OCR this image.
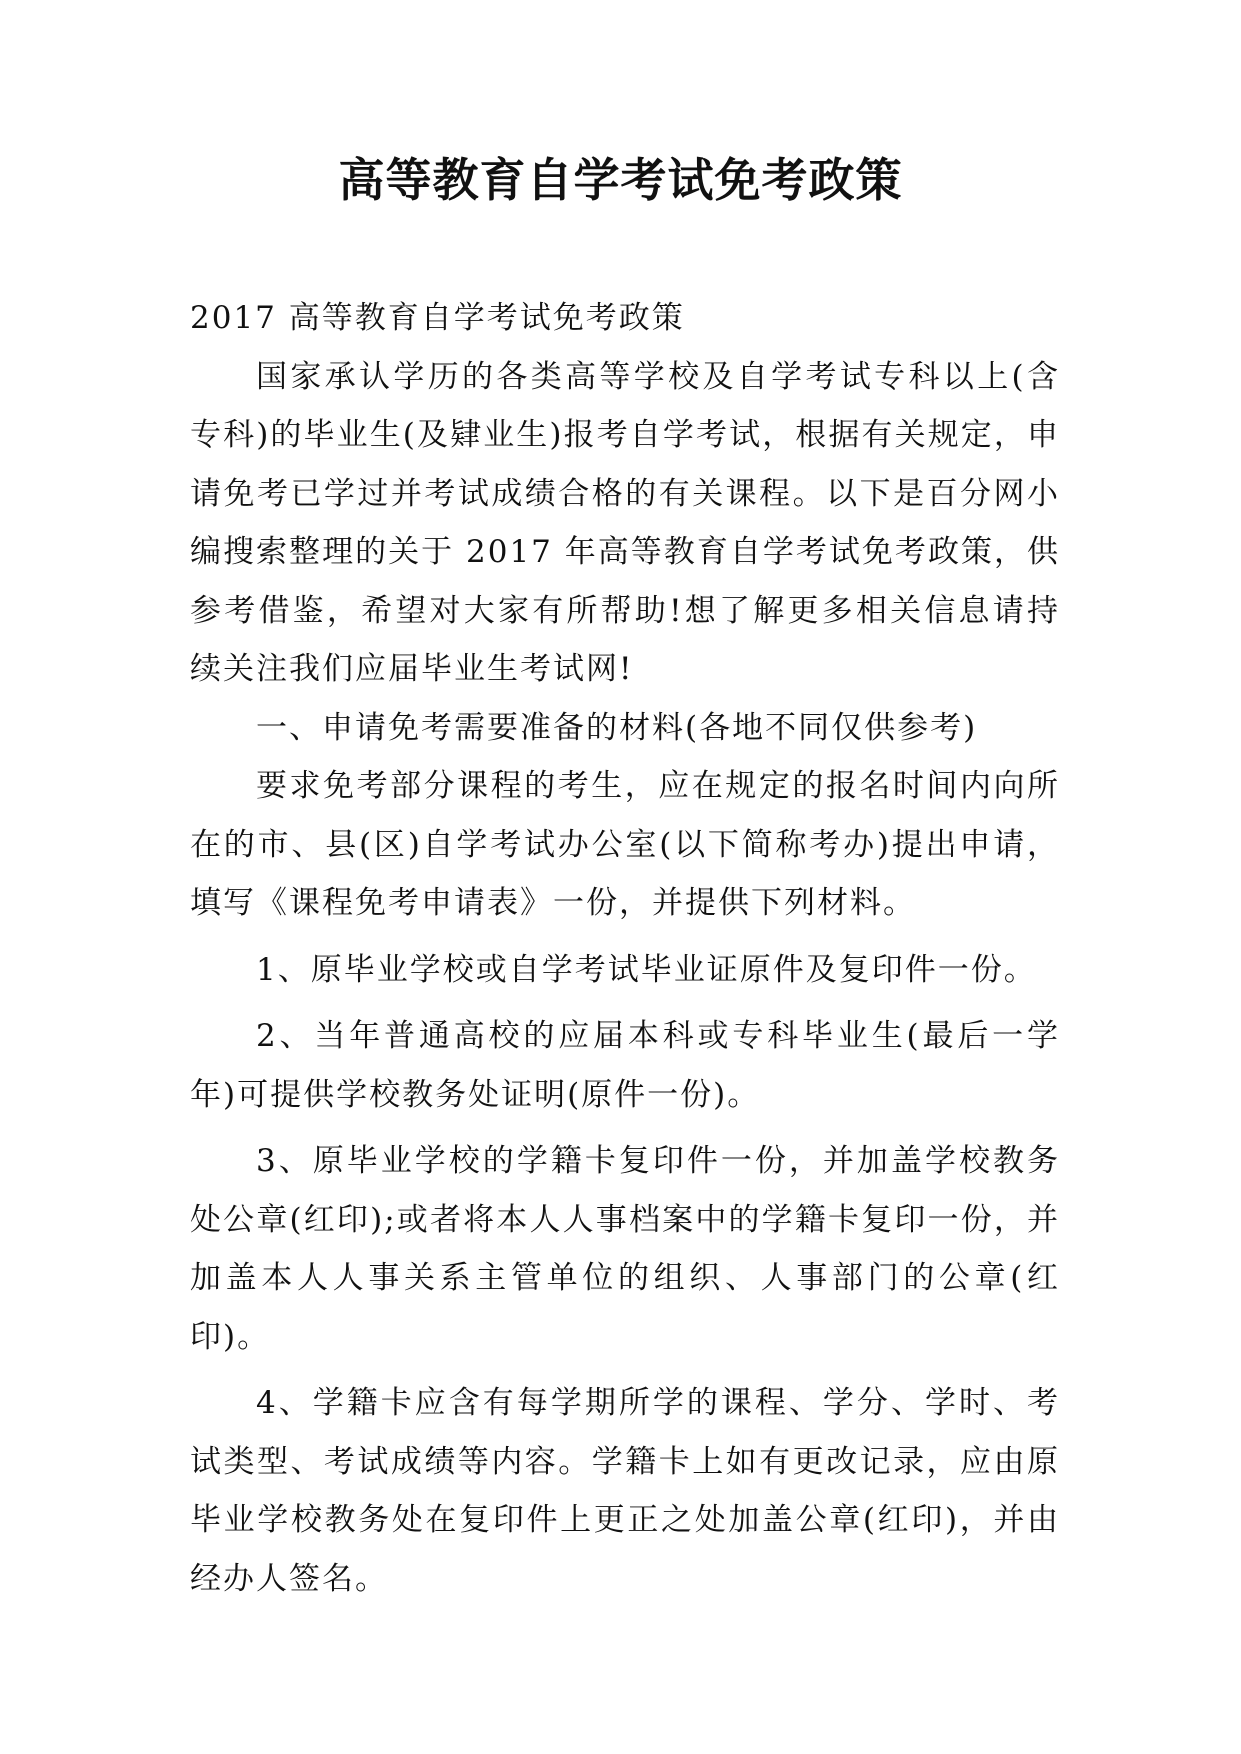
高等教育自学考试免考政策

2017 高等教育自学考试免考政策

国家承认学历的各类高等学校及自学考试专科以上(含专科)的毕业生(及肄业生)报考自学考试，根据有关规定，申请免考已学过并考试成绩合格的有关课程。以下是百分网小编搜索整理的关于 2017 年高等教育自学考试免考政策，供参考借鉴，希望对大家有所帮助!想了解更多相关信息请持续关注我们应届毕业生考试网!

一、申请免考需要准备的材料(各地不同仅供参考)

要求免考部分课程的考生，应在规定的报名时间内向所在的市、县(区)自学考试办公室(以下简称考办)提出申请，填写《课程免考申请表》一份，并提供下列材料。

1、原毕业学校或自学考试毕业证原件及复印件一份。

2、当年普通高校的应届本科或专科毕业生(最后一学年)可提供学校教务处证明(原件一份)。

3、原毕业学校的学籍卡复印件一份，并加盖学校教务处公章(红印);或者将本人人事档案中的学籍卡复印一份，并加盖本人人事关系主管单位的组织、人事部门的公章(红印)。

4、学籍卡应含有每学期所学的课程、学分、学时、考试类型、考试成绩等内容。学籍卡上如有更改记录，应由原毕业学校教务处在复印件上更正之处加盖公章(红印)，并由经办人签名。
